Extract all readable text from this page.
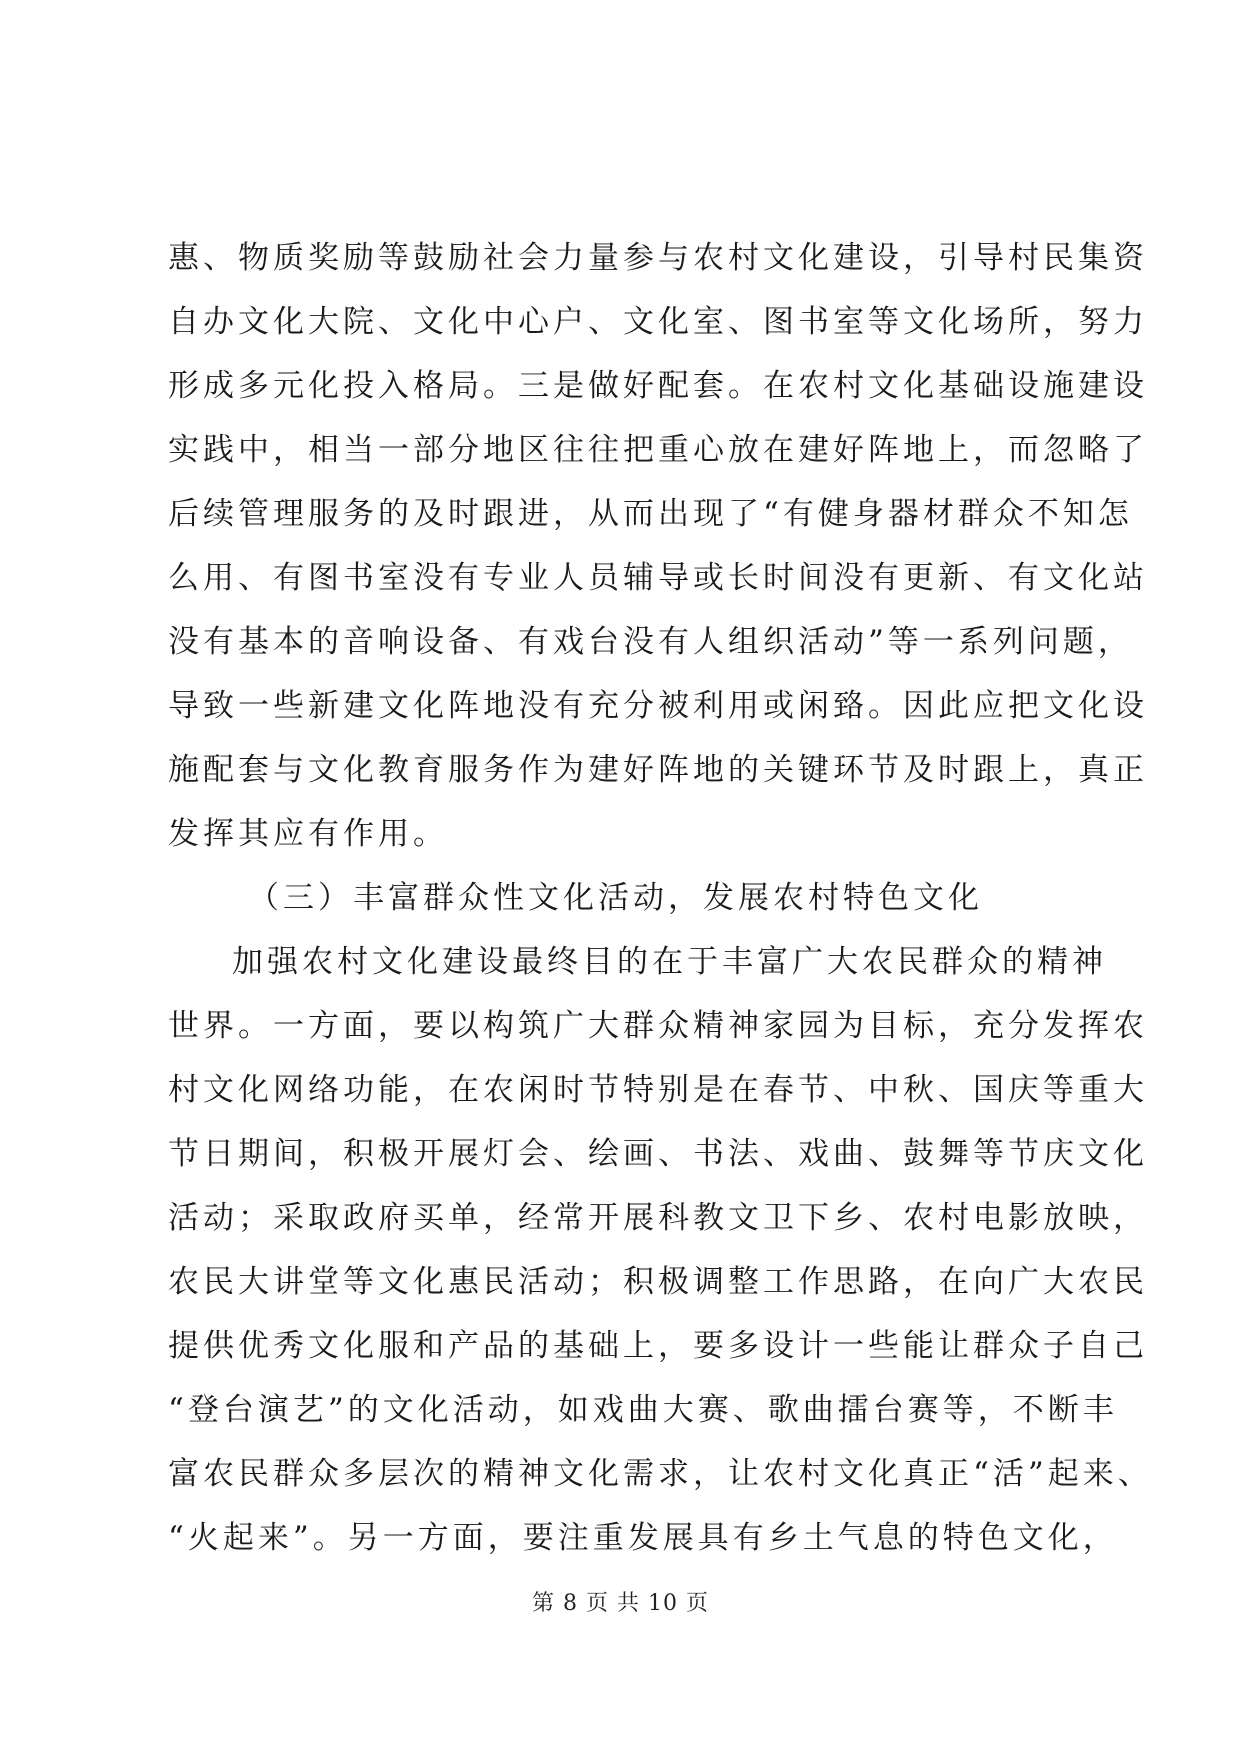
惠、物质奖励等鼓励社会力量参与农村文化建设，引导村民集资
自办文化大院、文化中心户、文化室、图书室等文化场所，努力
形成多元化投入格局。三是做好配套。在农村文化基础设施建设
实践中，相当一部分地区往往把重心放在建好阵地上，而忽略了
后续管理服务的及时跟进，从而出现了“有健身器材群众不知怎
么用、有图书室没有专业人员辅导或长时间没有更新、有文化站
没有基本的音响设备、有戏台没有人组织活动”等一系列问题，
导致一些新建文化阵地没有充分被利用或闲臵。因此应把文化设
施配套与文化教育服务作为建好阵地的关键环节及时跟上，真正
发挥其应有作用。
（三）丰富群众性文化活动，发展农村特色文化
加强农村文化建设最终目的在于丰富广大农民群众的精神
世界。一方面，要以构筑广大群众精神家园为目标，充分发挥农
村文化网络功能，在农闲时节特别是在春节、中秋、国庆等重大
节日期间，积极开展灯会、绘画、书法、戏曲、鼓舞等节庆文化
活动；采取政府买单，经常开展科教文卫下乡、农村电影放映，
农民大讲堂等文化惠民活动；积极调整工作思路，在向广大农民
提供优秀文化服和产品的基础上，要多设计一些能让群众子自己
“登台演艺”的文化活动，如戏曲大赛、歌曲擂台赛等，不断丰
富农民群众多层次的精神文化需求，让农村文化真正“活”起来、
“火起来”。另一方面，要注重发展具有乡土气息的特色文化，
第 8 页 共 10 页
